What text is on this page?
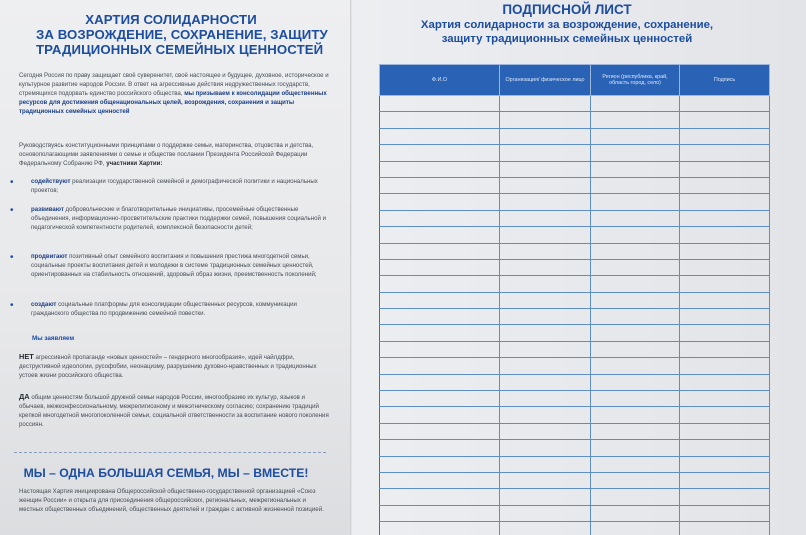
ХАРТИЯ СОЛИДАРНОСТИ
ЗА ВОЗРОЖДЕНИЕ, СОХРАНЕНИЕ, ЗАЩИТУ
ТРАДИЦИОННЫХ СЕМЕЙНЫХ ЦЕННОСТЕЙ
Сегодня Россия по праву защищает своё суверенитет, своё настоящее и будущее, духовное, историческое и культурное развитие народов России. В ответ на агрессивные действия недружественных государств, стремящихся подорвать единство российского общества, мы призываем к консолидации общественных ресурсов для достижения общенациональных целей, возрождения, сохранения и защиты традиционных семейных ценностей
Руководствуясь конституционными принципами о поддержке семьи, материнства, отцовства и детства, основополагающими заявлениями о семье и обществе послании Президента Российской Федерации Федеральному Собранию РФ, участники Хартии:
•	содействуют реализации государственной семейной и демографической политики и национальных проектов;
•	развивают добровольческие и благотворительные инициативы, просемейные общественные объединения, информационно-просветительские практики поддержки семей, повышения социальной и педагогической компетентности родителей, комплексной безопасности детей;
•	продвигают позитивный опыт семейного воспитания и повышения престижа многодетной семьи, социальные проекты воспитания детей и молодежи в системе традиционных семейных ценностей, ориентированных на стабильность отношений, здоровый образ жизни, преемственность поколений;
•	создают социальные платформы для консолидации общественных ресурсов, коммуникации гражданского общества по продвижению семейной повестки.
Мы заявляем
НЕТ агрессивной пропаганде «новых ценностей» – гендерного многообразия», идей чайлдфри, деструктивной идеологии, русофобии, неонацизму, разрушению духовно-нравственных и традиционных устоев жизни российского общества.
ДА общим ценностям большой дружной семьи народов России, многообразию их культур, языков и обычаев, межконфессиональному, межрелигиозному и межэтническому согласию; сохранению традиций крепкой многодетной многопоколенной семьи, социальной ответственности за воспитание нового поколения россиян.
МЫ – ОДНА БОЛЬШАЯ СЕМЬЯ, МЫ – ВМЕСТЕ!
Настоящая Хартия инициирована Общероссийской общественно-государственной организацией «Союз женщин России» и открыта для присоединения общероссийских, региональных, межрегиональных и местных общественных объединений, общественных деятелей и граждан с активной жизненной позицией.
ПОДПИСНОЙ ЛИСТ
Хартия солидарности за возрождение, сохранение,
защиту традиционных семейных ценностей
Ф.И.О	Организация/ физическое лицо	Регион (республика, край, область город, село)	Подпись
